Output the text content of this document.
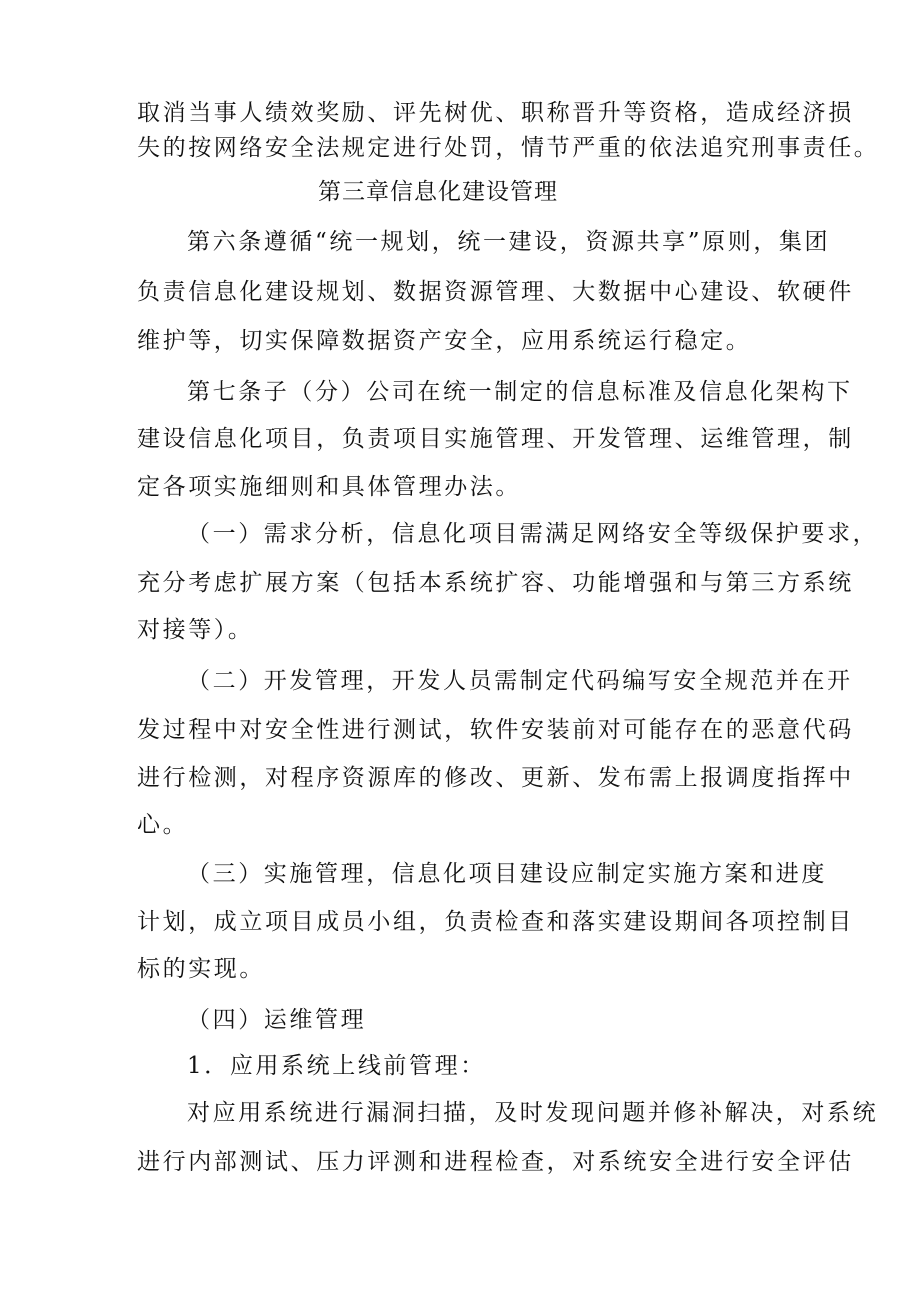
取消当事人绩效奖励、评先树优、职称晋升等资格，造成经济损
失的按网络安全法规定进行处罚，情节严重的依法追究刑事责任。
第三章信息化建设管理
第六条遵循“统一规划，统一建设，资源共享”原则，集团
负责信息化建设规划、数据资源管理、大数据中心建设、软硬件
维护等，切实保障数据资产安全，应用系统运行稳定。
第七条子（分）公司在统一制定的信息标准及信息化架构下
建设信息化项目，负责项目实施管理、开发管理、运维管理，制
定各项实施细则和具体管理办法。
（一）需求分析，信息化项目需满足网络安全等级保护要求，
充分考虑扩展方案（包括本系统扩容、功能增强和与第三方系统
对接等）。
（二）开发管理，开发人员需制定代码编写安全规范并在开
发过程中对安全性进行测试，软件安装前对可能存在的恶意代码
进行检测，对程序资源库的修改、更新、发布需上报调度指挥中
心。
（三）实施管理，信息化项目建设应制定实施方案和进度
计划，成立项目成员小组，负责检查和落实建设期间各项控制目
标的实现。
（四）运维管理
1．应用系统上线前管理：
对应用系统进行漏洞扫描，及时发现问题并修补解决，对系统
进行内部测试、压力评测和进程检查，对系统安全进行安全评估
